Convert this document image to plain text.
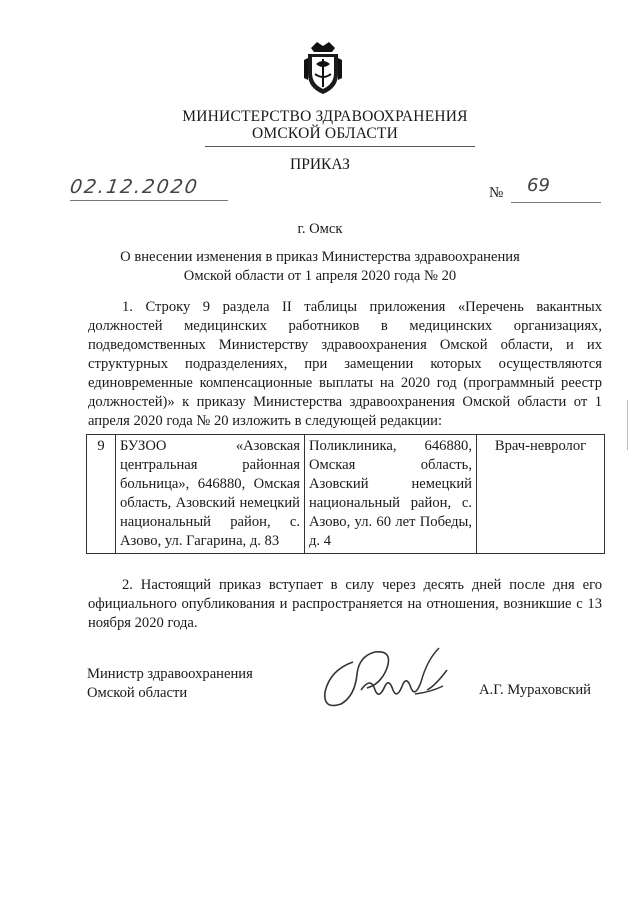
МИНИСТЕРСТВО ЗДРАВООХРАНЕНИЯ
ОМСКОЙ ОБЛАСТИ
ПРИКАЗ
02.12.2020	№ 69
г. Омск
О внесении изменения в приказ Министерства здравоохранения Омской области от 1 апреля 2020 года № 20
1. Строку 9 раздела II таблицы приложения «Перечень вакантных должностей медицинских работников в медицинских организациях, подведомственных Министерству здравоохранения Омской области, и их структурных подразделениях, при замещении которых осуществляются единовременные компенсационные выплаты на 2020 год (программный реестр должностей)» к приказу Министерства здравоохранения Омской области от 1 апреля 2020 года № 20 изложить в следующей редакции:
9	БУЗОО «Азовская центральная районная больница», 646880, Омская область, Азовский немецкий национальный район, с. Азово, ул. Гагарина, д. 83	Поликлиника, 646880, Омская область, Азовский немецкий национальный район, с. Азово, ул. 60 лет Победы, д. 4	Врач-невролог
2. Настоящий приказ вступает в силу через десять дней после дня его официального опубликования и распространяется на отношения, возникшие с 13 ноября 2020 года.
Министр здравоохранения
Омской области	А.Г. Мураховский
